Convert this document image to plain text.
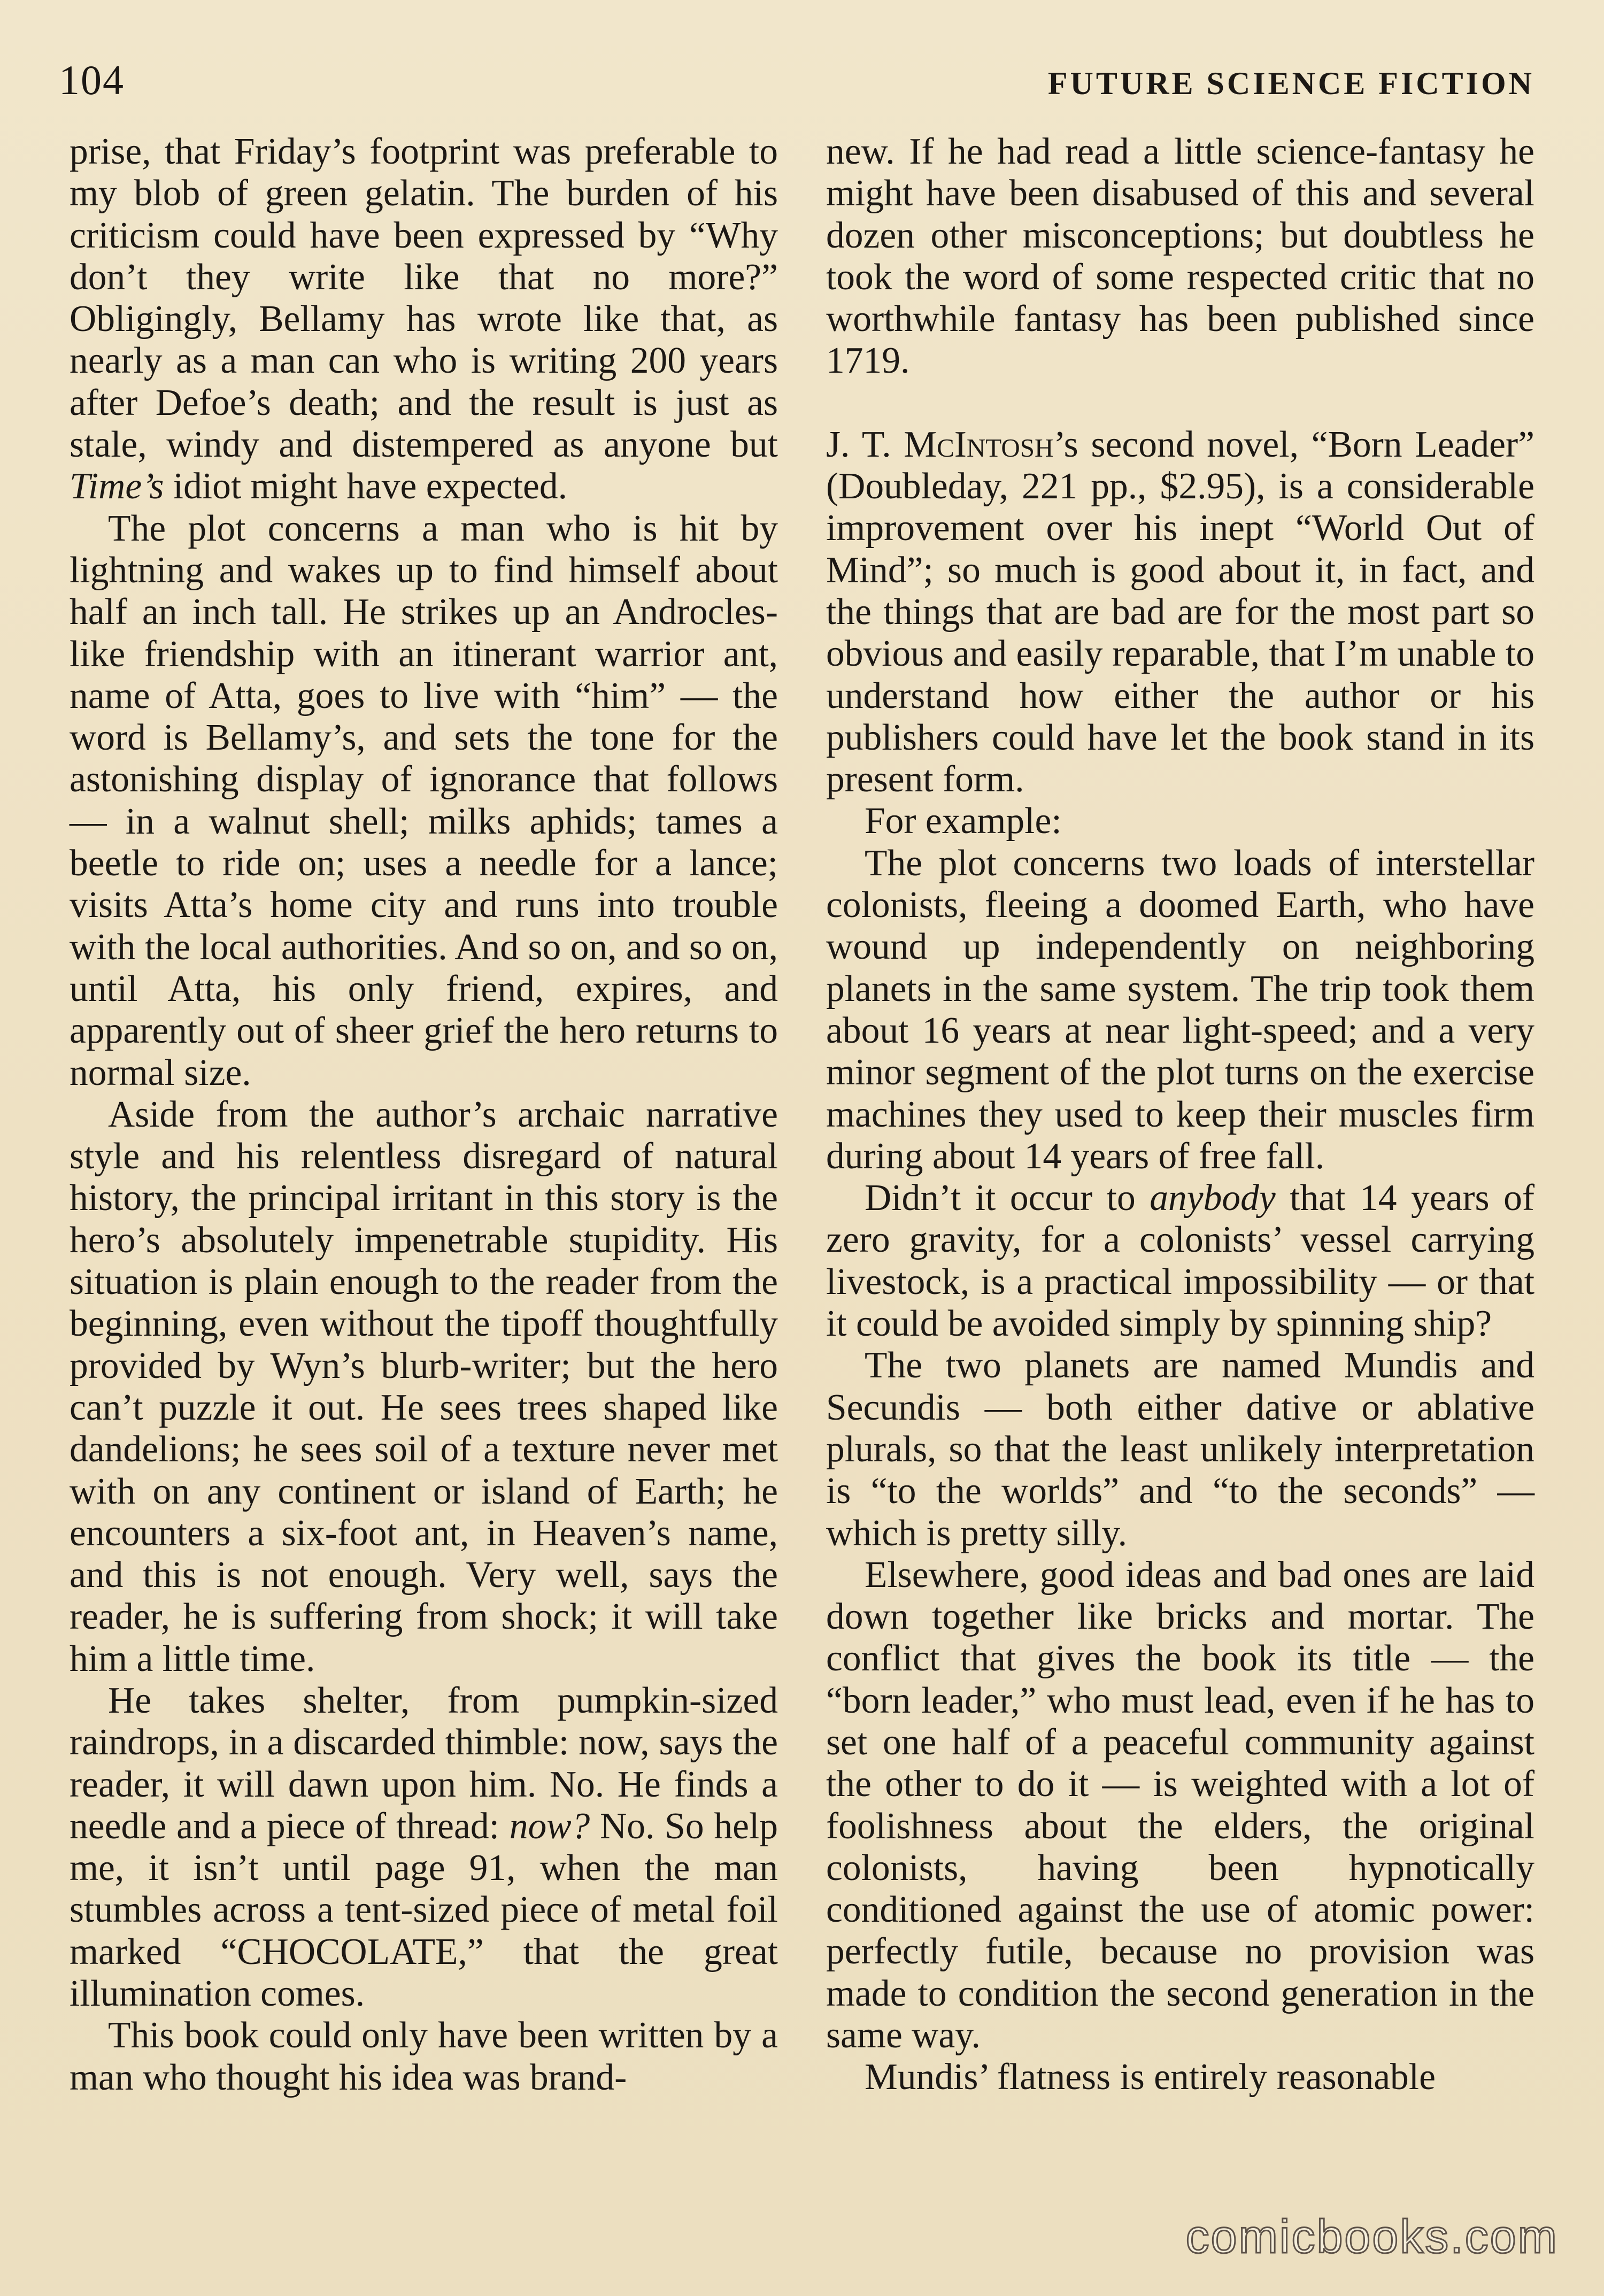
104	FUTURE SCIENCE FICTION

prise, that Friday’s footprint was preferable to my blob of green gelatin. The burden of his criticism could have been expressed by “Why don’t they write like that no more?” Obligingly, Bellamy has wrote like that, as nearly as a man can who is writing 200 years after Defoe’s death; and the result is just as stale, windy and distempered as anyone but Time’s idiot might have expected.

The plot concerns a man who is hit by lightning and wakes up to find himself about half an inch tall. He strikes up an Androcles-like friendship with an itinerant warrior ant, name of Atta, goes to live with “him” — the word is Bellamy’s, and sets the tone for the astonishing display of ignorance that follows — in a walnut shell; milks aphids; tames a beetle to ride on; uses a needle for a lance; visits Atta’s home city and runs into trouble with the local authorities. And so on, and so on, until Atta, his only friend, expires, and apparently out of sheer grief the hero returns to normal size.

Aside from the author’s archaic narrative style and his relentless disregard of natural history, the principal irritant in this story is the hero’s absolutely impenetrable stupidity. His situation is plain enough to the reader from the beginning, even without the tipoff thoughtfully provided by Wyn’s blurb-writer; but the hero can’t puzzle it out. He sees trees shaped like dandelions; he sees soil of a texture never met with on any continent or island of Earth; he encounters a six-foot ant, in Heaven’s name, and this is not enough. Very well, says the reader, he is suffering from shock; it will take him a little time.

He takes shelter, from pumpkin-sized raindrops, in a discarded thimble: now, says the reader, it will dawn upon him. No. He finds a needle and a piece of thread: now? No. So help me, it isn’t until page 91, when the man stumbles across a tent-sized piece of metal foil marked “CHOCOLATE,” that the great illumination comes.

This book could only have been written by a man who thought his idea was brand-

new. If he had read a little science-fantasy he might have been disabused of this and several dozen other misconceptions; but doubtless he took the word of some respected critic that no worthwhile fantasy has been published since 1719.

J. T. McIntosh’s second novel, “Born Leader” (Doubleday, 221 pp., $2.95), is a considerable improvement over his inept “World Out of Mind”; so much is good about it, in fact, and the things that are bad are for the most part so obvious and easily reparable, that I’m unable to understand how either the author or his publishers could have let the book stand in its present form.

For example:

The plot concerns two loads of interstellar colonists, fleeing a doomed Earth, who have wound up independently on neighboring planets in the same system. The trip took them about 16 years at near light-speed; and a very minor segment of the plot turns on the exercise machines they used to keep their muscles firm during about 14 years of free fall.

Didn’t it occur to anybody that 14 years of zero gravity, for a colonists’ vessel carrying livestock, is a practical impossibility — or that it could be avoided simply by spinning ship?

The two planets are named Mundis and Secundis — both either dative or ablative plurals, so that the least unlikely interpretation is “to the worlds” and “to the seconds” — which is pretty silly.

Elsewhere, good ideas and bad ones are laid down together like bricks and mortar. The conflict that gives the book its title — the “born leader,” who must lead, even if he has to set one half of a peaceful community against the other to do it — is weighted with a lot of foolishness about the elders, the original colonists, having been hypnotically conditioned against the use of atomic power: perfectly futile, because no provision was made to condition the second generation in the same way.

Mundis’ flatness is entirely reasonable

comicbooks.com
